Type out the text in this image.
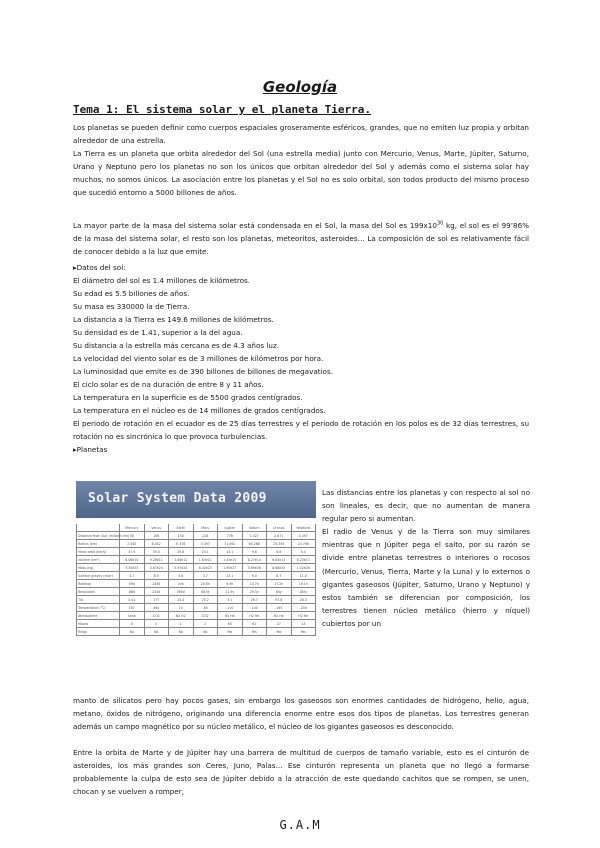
Geología
Tema 1: El sistema solar y el planeta Tierra.

Los planetas se pueden definir como cuerpos espaciales groseramente esféricos, grandes, que no emiten luz propia y orbitan alrededor de una estrella.

La Tierra es un planeta que orbita alrededor del Sol (una estrella media) junto con Mercurio, Venus, Marte, Júpiter, Saturno, Urano y Neptuno pero los planetas no son los únicos que orbitan alrededor del Sol y además como el sistema solar hay muchos, no somos únicos. La asociación entre los planetas y el Sol no es solo orbital, son todos producto del mismo proceso que sucedió entorno a 5000 billones de años.

La mayor parte de la masa del sistema solar está condensada en el Sol, la masa del Sol es $199x10^{30}$ kg, el sol es el 99’86% de la masa del sistema solar, el resto son los planetas, meteoritos, asteroides… La composición de sol es relativamente fácil de conocer debido a la luz que emite.

▸Datos del sol:
El diámetro del sol es 1.4 millones de kilómetros.
Su edad es 5.5 billones de años.
Su masa es 330000 la de Tierra.
La distancia a la Tierra es 149.6 millones de kilómetros.
Su densidad es de 1.41, superior a la del agua.
Su distancia a la estrella más cercana es de 4.3 años luz.
La velocidad del viento solar es de 3 millones de kilómetros por hora.
La luminosidad que emite es de 390 billones de billones de megavatios.
El ciclo solar es de na duración de entre 8 y 11 años.
La temperatura en la superficie es de 5500 grados centígrados.
La temperatura en el núcleo es de 14 millones de grados centígrados.

El periodo de rotación en el ecuador es de 25 días terrestres y el periodo de rotación en los polos es de 32 días terrestres, su rotación no es sincrónica lo que provoca turbulencias.

▸Planetas
Solar System Data 2009
	Mercury	Venus	Earth	Mars	Jupiter	Saturn	Uranus	Neptune
Distance from Sun (millions km)	58	108	150	228	778	1,427	2,871	4,497
Radius (km)	2,440	6,052	6,378	3,397	71,492	60,268	25,559	24,766
Mean orbit (km/s)	47.9	35.0	29.8	24.1	13.1	9.6	6.8	5.4
Volume (km³)	6.08e10	9.28e11	1.08e12	1.63e11	1.43e15	8.27e14	6.83e13	6.25e13
Mass (kg)	3.30e23	4.87e24	5.97e24	6.42e23	1.90e27	5.69e26	8.68e25	1.02e26
Surface gravity (m/s²)	3.7	8.9	9.8	3.7	23.1	9.0	8.7	11.0
Rotation	59d	243d	24h	24.6h	9.9h	10.7h	17.2h	16.1h
Revolution	88d	225d	365d	687d	11.9y	29.5y	84y	165y
Tilt	0.01	177	23.4	25.2	3.1	26.7	97.8	28.3
Temperature (°C)	167	464	15	-65	-110	-140	-195	-200
Atmosphere	none	CO2	N2 O2	CO2	H2 He	H2 He	H2 He	H2 He
Moons	0	0	1	2	63	61	27	13
Rings	No	No	No	No	Yes	Yes	Yes	Yes

Las distancias entre los planetas y con respecto al sol no son lineales, es decir, que no aumentan de manera regular pero si aumentan.

El radio de Venus y de la Tierra son muy similares mientras que n Júpiter pega el salto, por su razón se divide entre planetas terrestres o interiores o rocosos (Mercurio, Venus, Tierra, Marte y la Luna) y lo externos o gigantes gaseosos (Júpiter, Saturno, Urano y Neptuno) y estos también se diferencian por composición, los terrestres tienen núcleo metálico (hierro y níquel) cubiertos por un

manto de silicatos pero hay pocos gases, sin embargo los gaseosos son enormes cantidades de hidrógeno, helio, agua, metano, óxidos de nitrógeno, originando una diferencia enorme entre esos dos tipos de planetas. Los terrestres generan además un campo magnético por su núcleo metálico, el núcleo de los gigantes gaseosos es desconocido.

Entre la orbita de Marte y de Júpiter hay una barrera de multitud de cuerpos de tamaño variable, esto es el cinturón de asteroides, los más grandes son Ceres, Juno, Palas… Ese cinturón representa un planeta que no llegó a formarse probablemente la culpa de esto sea de Júpiter debido a la atracción de este quedando cachitos que se rompen, se unen, chocan y se vuelven a romper,

G.A.M
